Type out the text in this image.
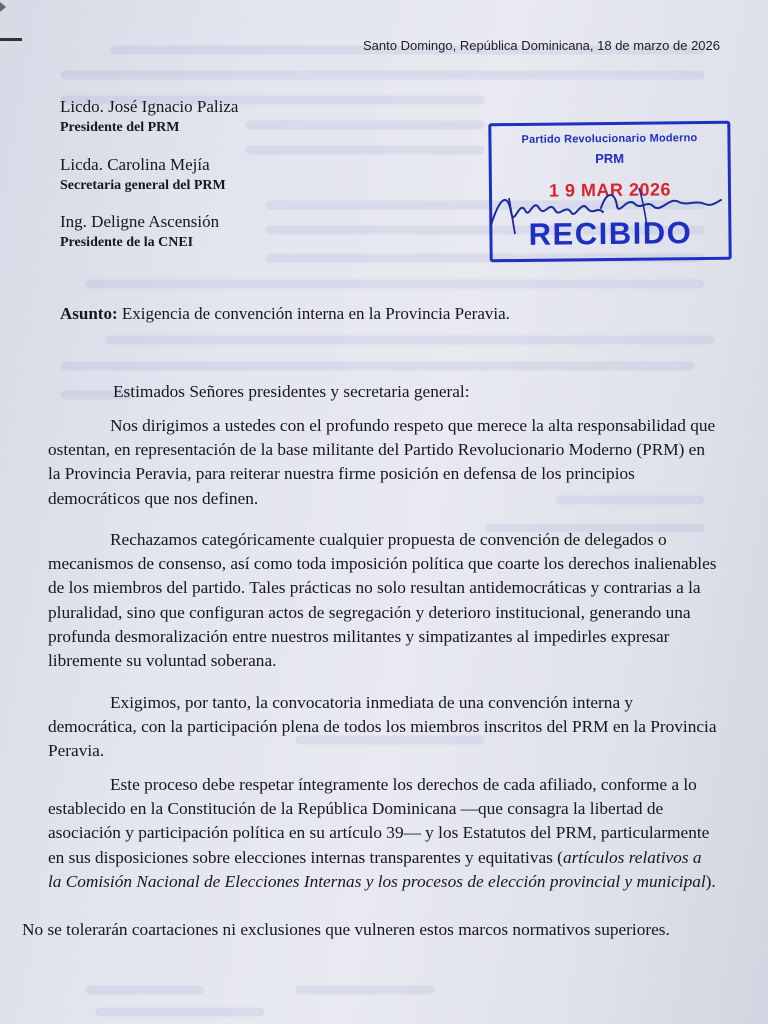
Santo Domingo, República Dominicana, 18 de marzo de 2026
Licdo. José Ignacio Paliza
Presidente del PRM
Licda. Carolina Mejía
Secretaria general del PRM
Ing. Deligne Ascensión
Presidente de la CNEI
Partido Revolucionario Moderno
PRM
1 9 MAR 2026
RECIBIDO
Asunto: Exigencia de convención interna en la Provincia Peravia.
Estimados Señores presidentes y secretaria general:
Nos dirigimos a ustedes con el profundo respeto que merece la alta responsabilidad que ostentan, en representación de la base militante del Partido Revolucionario Moderno (PRM) en la Provincia Peravia, para reiterar nuestra firme posición en defensa de los principios democráticos que nos definen.
Rechazamos categóricamente cualquier propuesta de convención de delegados o mecanismos de consenso, así como toda imposición política que coarte los derechos inalienables de los miembros del partido. Tales prácticas no solo resultan antidemocráticas y contrarias a la pluralidad, sino que configuran actos de segregación y deterioro institucional, generando una profunda desmoralización entre nuestros militantes y simpatizantes al impedirles expresar libremente su voluntad soberana.
Exigimos, por tanto, la convocatoria inmediata de una convención interna y democrática, con la participación plena de todos los miembros inscritos del PRM en la Provincia Peravia.
Este proceso debe respetar íntegramente los derechos de cada afiliado, conforme a lo establecido en la Constitución de la República Dominicana —que consagra la libertad de asociación y participación política en su artículo 39— y los Estatutos del PRM, particularmente en sus disposiciones sobre elecciones internas transparentes y equitativas (artículos relativos a la Comisión Nacional de Elecciones Internas y los procesos de elección provincial y municipal).
No se tolerarán coartaciones ni exclusiones que vulneren estos marcos normativos superiores.
